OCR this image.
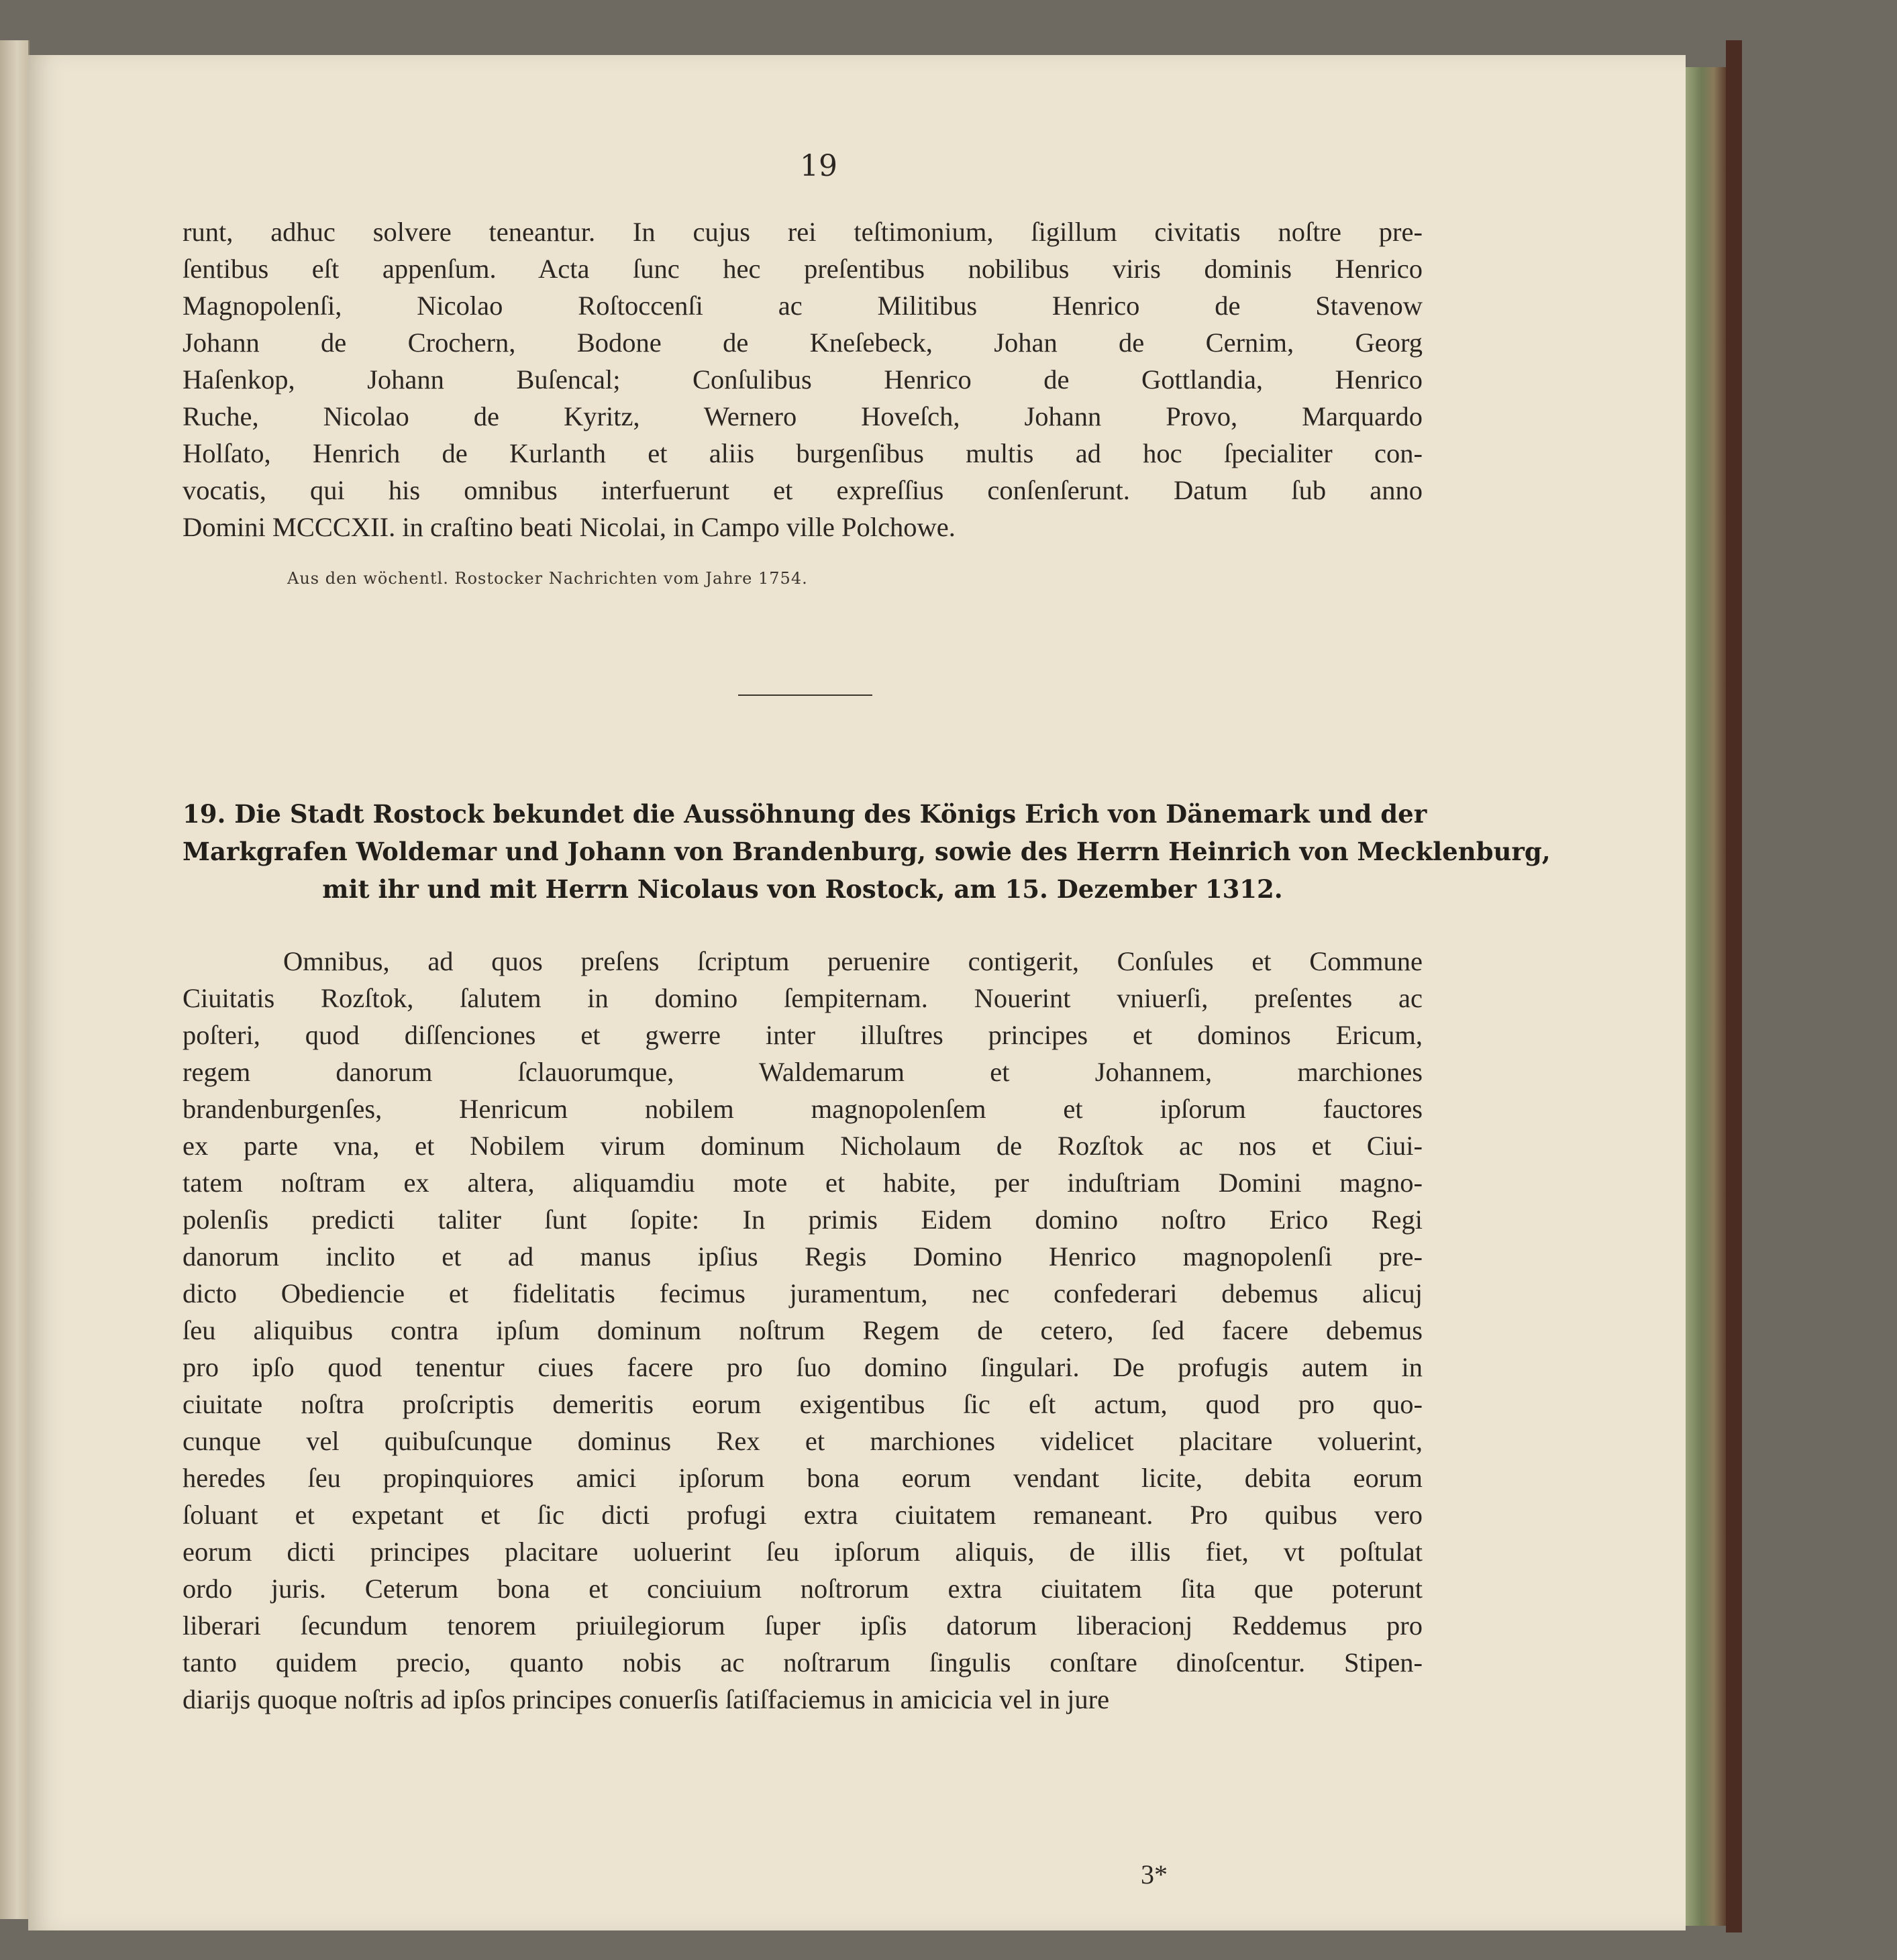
19
runt, adhuc solvere teneantur. In cujus rei teſtimonium, ſigillum civitatis noſtre pre-
ſentibus eſt appenſum. Acta ſunc hec preſentibus nobilibus viris dominis Henrico
Magnopolenſi, Nicolao Roſtoccenſi ac Militibus Henrico de Stavenow
Johann de Crochern, Bodone de Kneſebeck, Johan de Cernim, Georg
Haſenkop, Johann Buſencal; Conſulibus Henrico de Gottlandia, Henrico
Ruche, Nicolao de Kyritz, Wernero Hoveſch, Johann Provo, Marquardo
Holſato, Henrich de Kurlanth et aliis burgenſibus multis ad hoc ſpecialiter con-
vocatis, qui his omnibus interfuerunt et expreſſius conſenſerunt. Datum ſub anno
Domini MCCCXII. in craſtino beati Nicolai, in Campo ville Polchowe.
Aus den wöchentl. Rostocker Nachrichten vom Jahre 1754.
19. Die Stadt Rostock bekundet die Aussöhnung des Königs Erich von Dänemark und der
Markgrafen Woldemar und Johann von Brandenburg, sowie des Herrn Heinrich von Mecklenburg,
mit ihr und mit Herrn Nicolaus von Rostock, am 15. Dezember 1312.
Omnibus, ad quos preſens ſcriptum peruenire contigerit, Conſules et Commune
Ciuitatis Rozſtok, ſalutem in domino ſempiternam. Nouerint vniuerſi, preſentes ac
poſteri, quod diſſenciones et gwerre inter illuſtres principes et dominos Ericum,
regem danorum ſclauorumque, Waldemarum et Johannem, marchiones
brandenburgenſes, Henricum nobilem magnopolenſem et ipſorum fauctores
ex parte vna, et Nobilem virum dominum Nicholaum de Rozſtok ac nos et Ciui-
tatem noſtram ex altera, aliquamdiu mote et habite, per induſtriam Domini magno-
polenſis predicti taliter ſunt ſopite: In primis Eidem domino noſtro Erico Regi
danorum inclito et ad manus ipſius Regis Domino Henrico magnopolenſi pre-
dicto Obediencie et fidelitatis fecimus juramentum, nec confederari debemus alicuj
ſeu aliquibus contra ipſum dominum noſtrum Regem de cetero, ſed facere debemus
pro ipſo quod tenentur ciues facere pro ſuo domino ſingulari. De profugis autem in
ciuitate noſtra proſcriptis demeritis eorum exigentibus ſic eſt actum, quod pro quo-
cunque vel quibuſcunque dominus Rex et marchiones videlicet placitare voluerint,
heredes ſeu propinquiores amici ipſorum bona eorum vendant licite, debita eorum
ſoluant et expetant et ſic dicti profugi extra ciuitatem remaneant. Pro quibus vero
eorum dicti principes placitare uoluerint ſeu ipſorum aliquis, de illis fiet, vt poſtulat
ordo juris. Ceterum bona et conciuium noſtrorum extra ciuitatem ſita que poterunt
liberari ſecundum tenorem priuilegiorum ſuper ipſis datorum liberacionj Reddemus pro
tanto quidem precio, quanto nobis ac noſtrarum ſingulis conſtare dinoſcentur. Stipen-
diarijs quoque noſtris ad ipſos principes conuerſis ſatiſfaciemus in amicicia vel in jure
3*
